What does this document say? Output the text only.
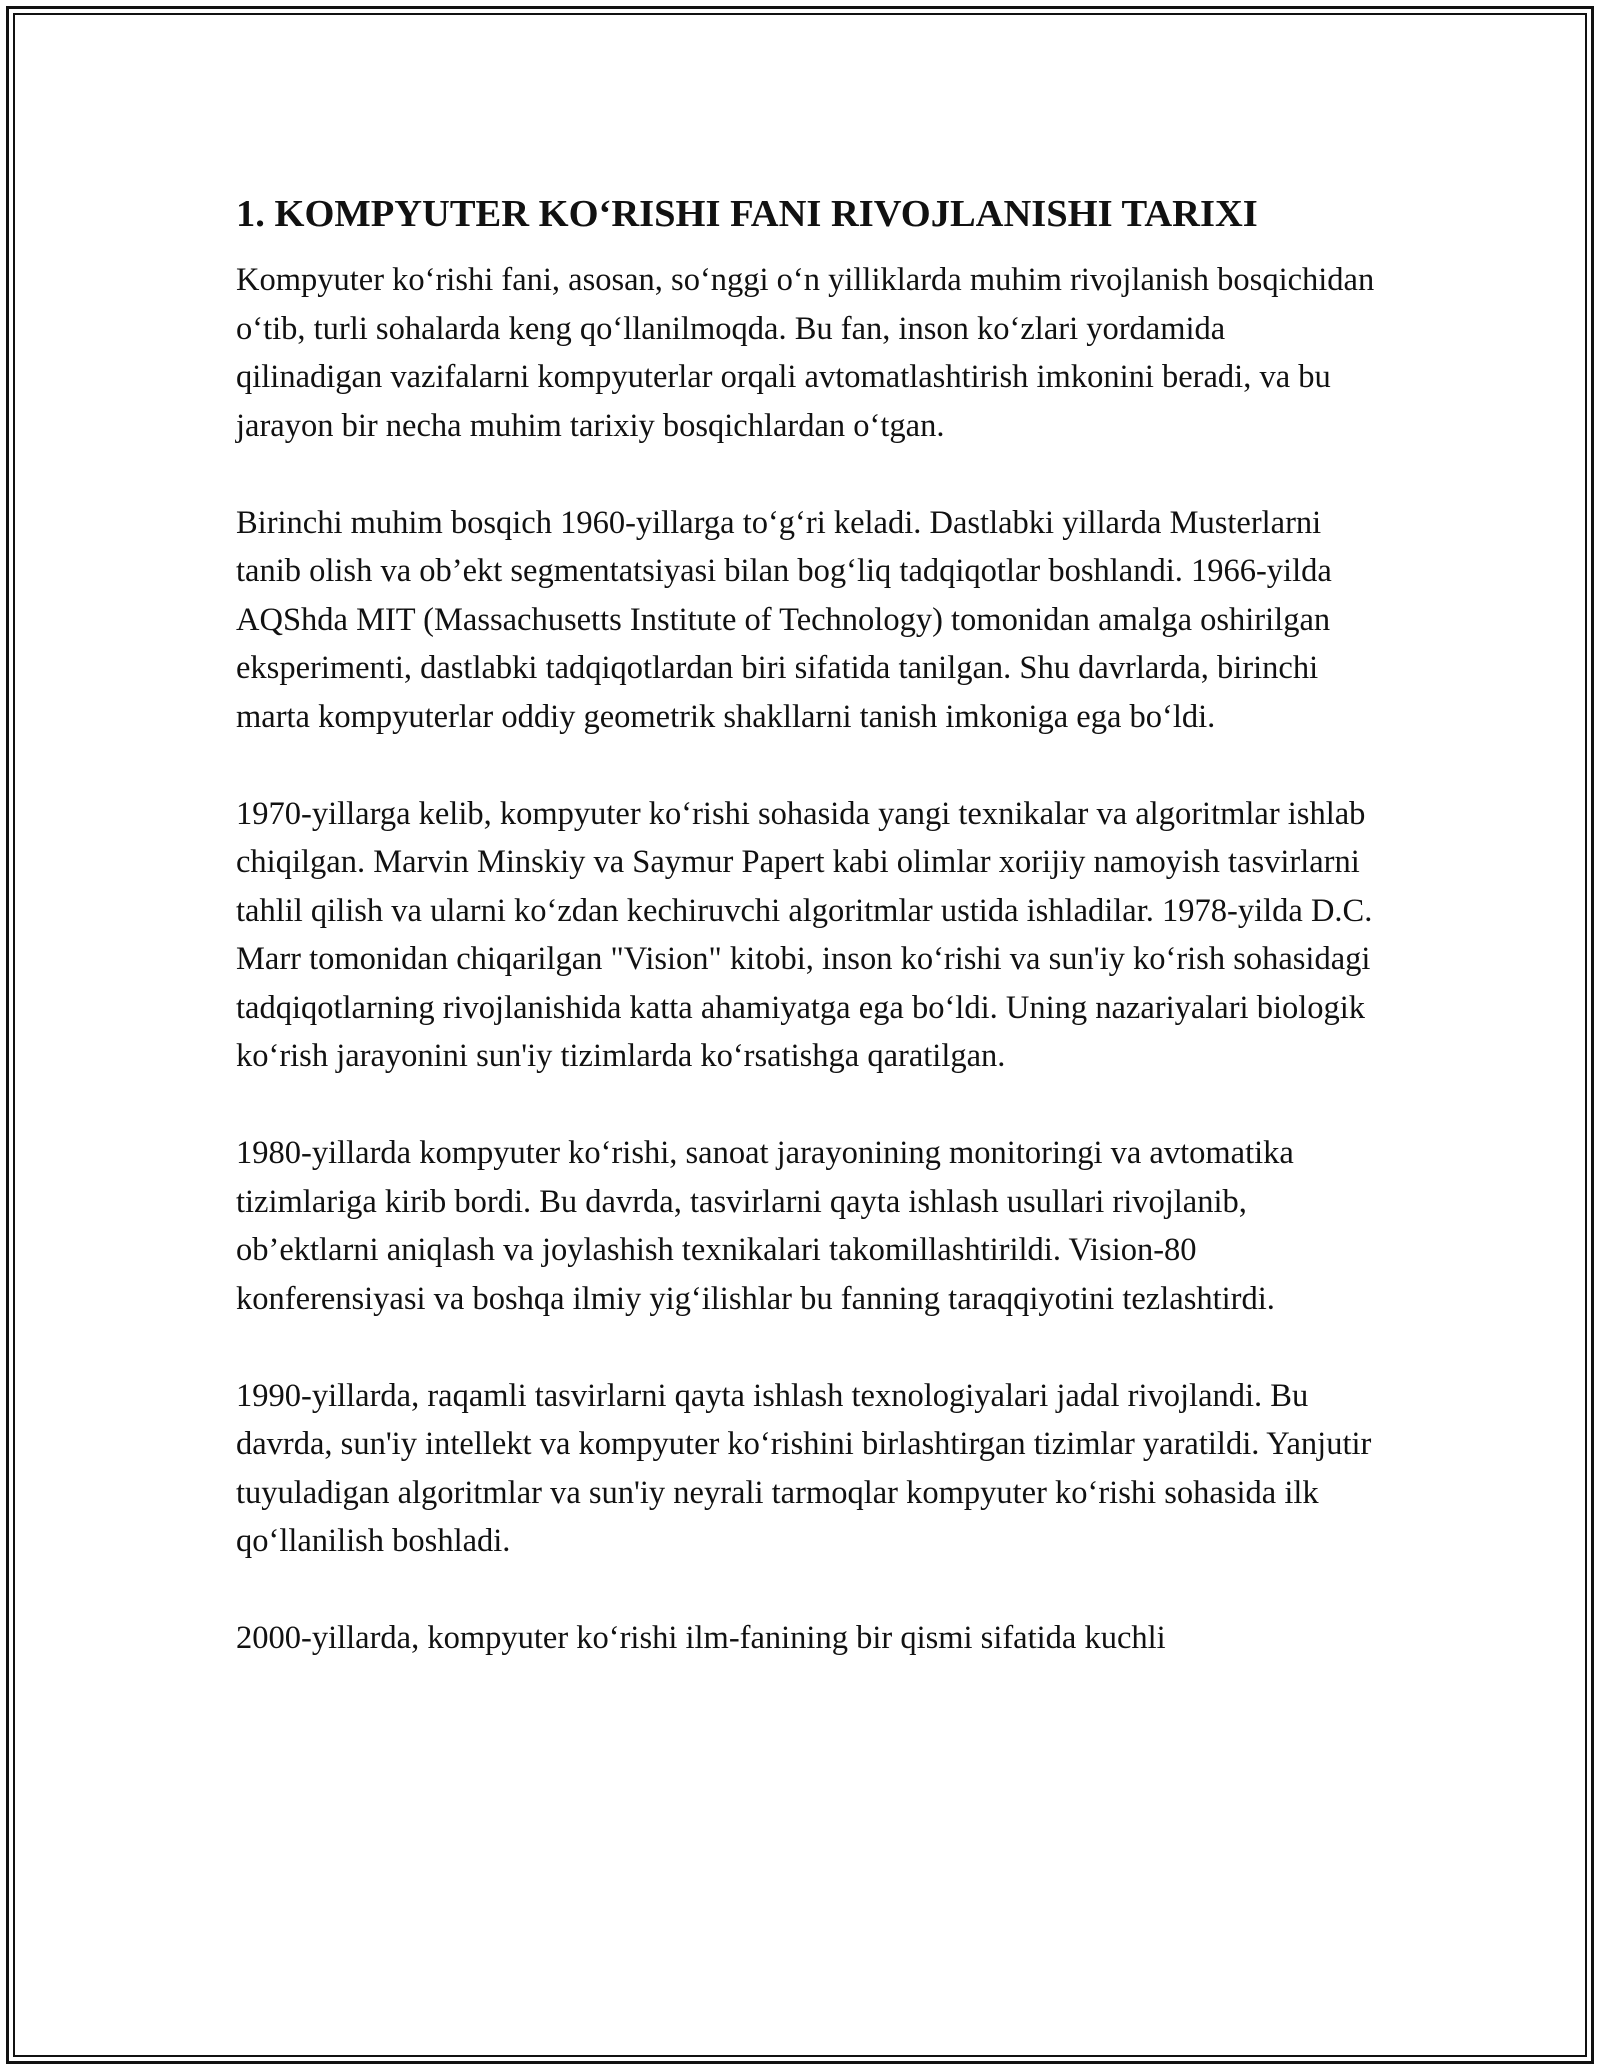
1. KOMPYUTER KOʻRISHI FANI RIVOJLANISHI TARIXI

Kompyuter koʻrishi fani, asosan, soʻnggi oʻn yilliklarda muhim rivojlanish bosqichidan oʻtib, turli sohalarda keng qoʻllanilmoqda. Bu fan, inson koʻzlari yordamida qilinadigan vazifalarni kompyuterlar orqali avtomatlashtirish imkonini beradi, va bu jarayon bir necha muhim tarixiy bosqichlardan oʻtgan.

Birinchi muhim bosqich 1960-yillarga toʻgʻri keladi. Dastlabki yillarda Musterlarni tanib olish va ob’ekt segmentatsiyasi bilan bogʻliq tadqiqotlar boshlandi. 1966-yilda AQShda MIT (Massachusetts Institute of Technology) tomonidan amalga oshirilgan eksperimenti, dastlabki tadqiqotlardan biri sifatida tanilgan. Shu davrlarda, birinchi marta kompyuterlar oddiy geometrik shakllarni tanish imkoniga ega boʻldi.

1970-yillarga kelib, kompyuter koʻrishi sohasida yangi texnikalar va algoritmlar ishlab chiqilgan. Marvin Minskiy va Saymur Papert kabi olimlar xorijiy namoyish tasvirlarni tahlil qilish va ularni koʻzdan kechiruvchi algoritmlar ustida ishladilar. 1978-yilda D.C. Marr tomonidan chiqarilgan "Vision" kitobi, inson koʻrishi va sun'iy koʻrish sohasidagi tadqiqotlarning rivojlanishida katta ahamiyatga ega boʻldi. Uning nazariyalari biologik koʻrish jarayonini sun'iy tizimlarda koʻrsatishga qaratilgan.

1980-yillarda kompyuter koʻrishi, sanoat jarayonining monitoringi va avtomatika tizimlariga kirib bordi. Bu davrda, tasvirlarni qayta ishlash usullari rivojlanib, ob’ektlarni aniqlash va joylashish texnikalari takomillashtirildi. Vision-80 konferensiyasi va boshqa ilmiy yigʻilishlar bu fanning taraqqiyotini tezlashtirdi.

1990-yillarda, raqamli tasvirlarni qayta ishlash texnologiyalari jadal rivojlandi. Bu davrda, sun'iy intellekt va kompyuter koʻrishini birlashtirgan tizimlar yaratildi. Yanjutir tuyuladigan algoritmlar va sun'iy neyrali tarmoqlar kompyuter koʻrishi sohasida ilk qoʻllanilish boshladi.

2000-yillarda, kompyuter koʻrishi ilm-fanining bir qismi sifatida kuchli
